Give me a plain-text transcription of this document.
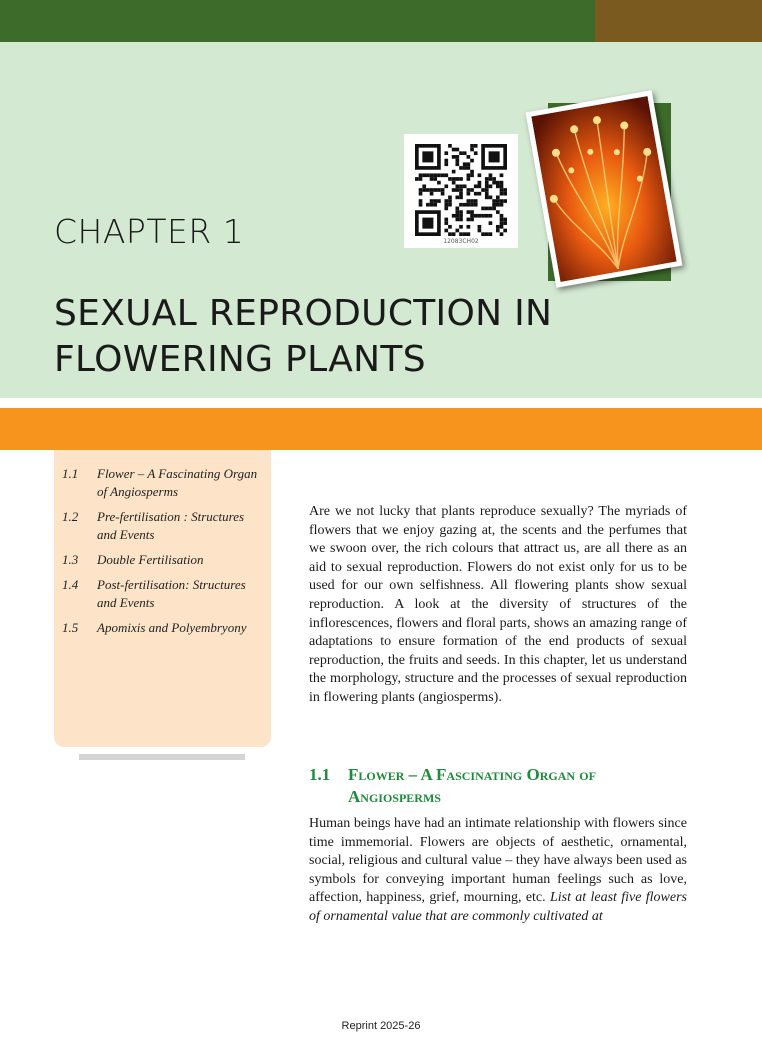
CHAPTER 1
SEXUAL REPRODUCTION IN FLOWERING PLANTS
12083CH02
1.1	Flower – A Fascinating Organ of Angiosperms
1.2	Pre-fertilisation : Structures and Events
1.3	Double Fertilisation
1.4	Post-fertilisation: Structures and Events
1.5	Apomixis and Polyembryony

Are we not lucky that plants reproduce sexually? The myriads of flowers that we enjoy gazing at, the scents and the perfumes that we swoon over, the rich colours that attract us, are all there as an aid to sexual reproduction. Flowers do not exist only for us to be used for our own selfishness. All flowering plants show sexual reproduction. A look at the diversity of structures of the inflorescences, flowers and floral parts, shows an amazing range of adaptations to ensure formation of the end products of sexual reproduction, the fruits and seeds. In this chapter, let us understand the morphology, structure and the processes of sexual reproduction in flowering plants (angiosperms).

1.1 Flower – A Fascinating Organ of
Angiosperms

Human beings have had an intimate relationship with flowers since time immemorial. Flowers are objects of aesthetic, ornamental, social, religious and cultural value – they have always been used as symbols for conveying important human feelings such as love, affection, happiness, grief, mourning, etc. List at least five flowers of ornamental value that are commonly cultivated at

Reprint 2025-26
